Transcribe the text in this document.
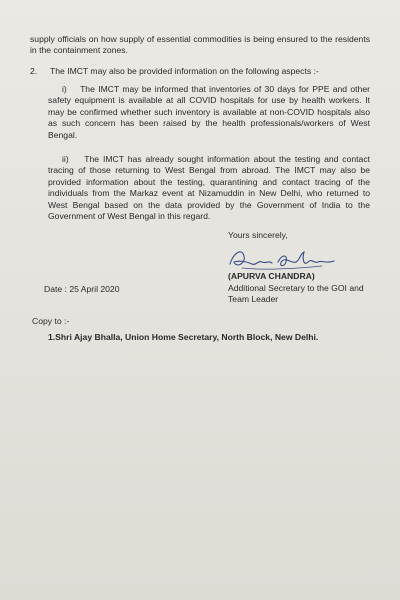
supply officials on how supply of essential commodities is being ensured to the residents in the containment zones.
2. The IMCT may also be provided information on the following aspects :-
i) The IMCT may be informed that inventories of 30 days for PPE and other safety equipment is available at all COVID hospitals for use by health workers. It may be confirmed whether such inventory is available at non-COVID hospitals also as such concern has been raised by the health professionals/workers of West Bengal.
ii) The IMCT has already sought information about the testing and contact tracing of those returning to West Bengal from abroad. The IMCT may also be provided information about the testing, quarantining and contact tracing of the individuals from the Markaz event at Nizamuddin in New Delhi, who returned to West Bengal based on the data provided by the Government of India to the Government of West Bengal in this regard.
Yours sincerely,
(APURVA CHANDRA)
Additional Secretary to the GOI and Team Leader
Date : 25 April 2020
Copy to :-
1.Shri Ajay Bhalla, Union Home Secretary, North Block, New Delhi.
